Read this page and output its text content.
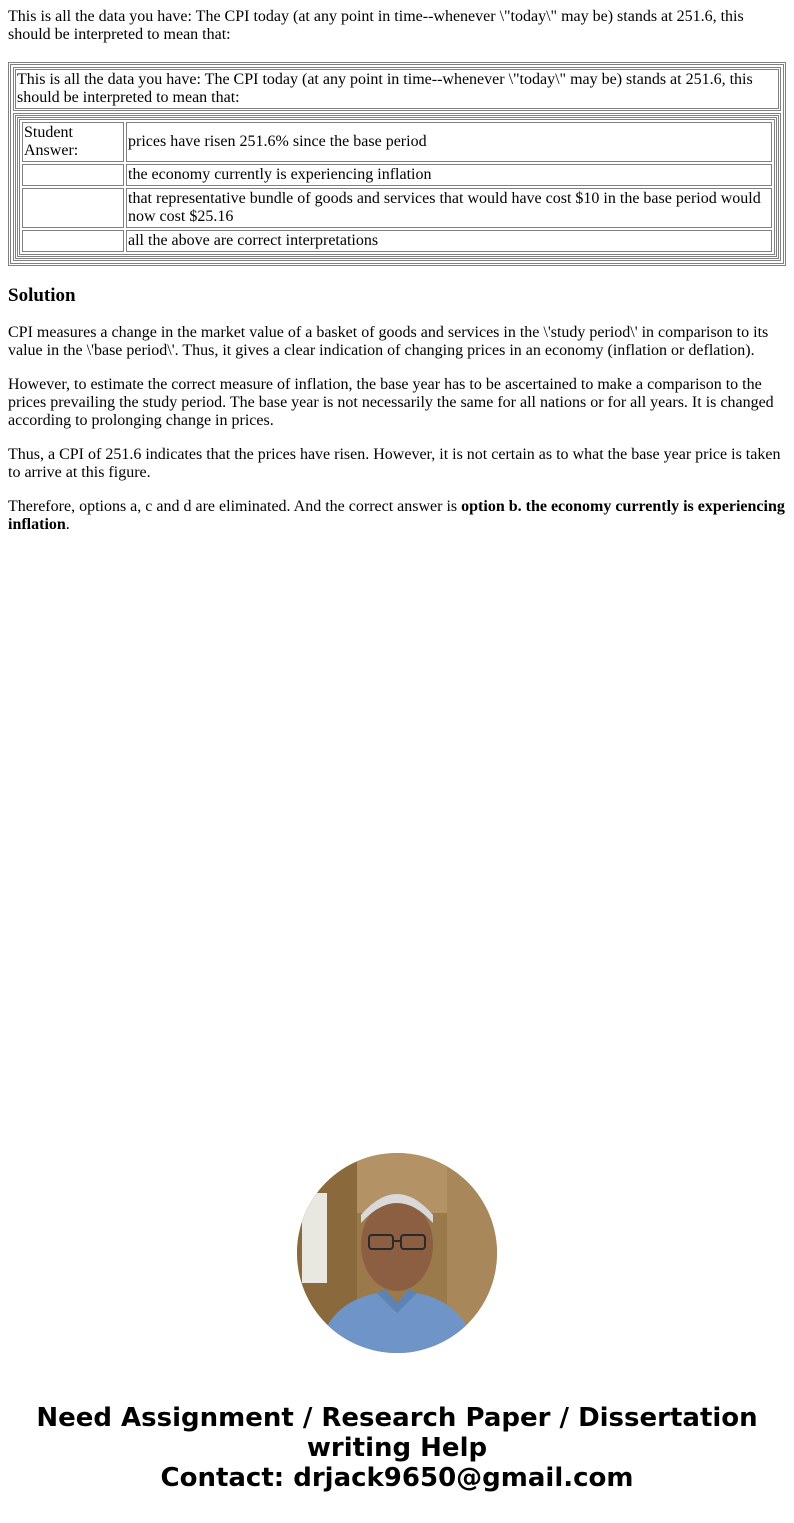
This is all the data you have: The CPI today (at any point in time--whenever \"today\" may be) stands at 251.6, this should be interpreted to mean that:
This is all the data you have: The CPI today (at any point in time--whenever \"today\" may be) stands at 251.6, this should be interpreted to mean that:

Student Answer:	prices have risen 251.6% since the base period
	the economy currently is experiencing inflation
	that representative bundle of goods and services that would have cost $10 in the base period would now cost $25.16
	all the above are correct interpretations
Solution

CPI measures a change in the market value of a basket of goods and services in the \'study period\' in comparison to its value in the \'base period\'. Thus, it gives a clear indication of changing prices in an economy (inflation or deflation).

However, to estimate the correct measure of inflation, the base year has to be ascertained to make a comparison to the prices prevailing the study period. The base year is not necessarily the same for all nations or for all years. It is changed according to prolonging change in prices.

Thus, a CPI of 251.6 indicates that the prices have risen. However, it is not certain as to what the base year price is taken to arrive at this figure.

Therefore, options a, c and d are eliminated. And the correct answer is option b. the economy currently is experiencing inflation.

Need Assignment / Research Paper / Dissertation
writing Help
Contact: drjack9650@gmail.com
